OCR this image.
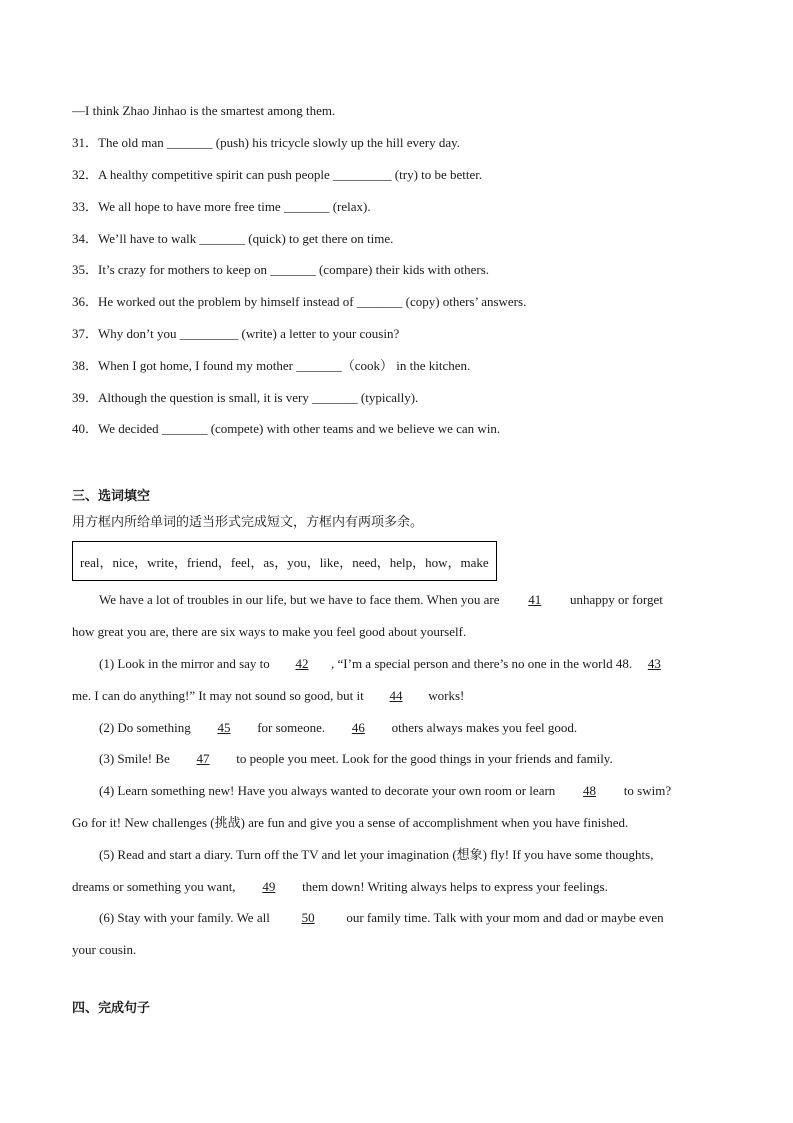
—I think Zhao Jinhao is the smartest among them.
31．The old man _______ (push) his tricycle slowly up the hill every day.
32．A healthy competitive spirit can push people _________ (try) to be better.
33．We all hope to have more free time _______ (relax).
34．We’ll have to walk _______ (quick) to get there on time.
35．It’s crazy for mothers to keep on _______ (compare) their kids with others.
36．He worked out the problem by himself instead of _______ (copy) others’ answers.
37．Why don’t you _________ (write) a letter to your cousin?
38．When I got home, I found my mother _______（cook） in the kitchen.
39．Although the question is small, it is very _______ (typically).
40．We decided _______ (compete) with other teams and we believe we can win.
三、选词填空
用方框内所给单词的适当形式完成短文，方框内有两项多余。
real，nice，write，friend，feel，as，you，like，need，help，how，make
We have a lot of troubles in our life, but we have to face them. When you are 41 unhappy or forget
how great you are, there are six ways to make you feel good about yourself.
(1) Look in the mirror and say to 42 , “I’m a special person and there’s no one in the world 48. 43
me. I can do anything!” It may not sound so good, but it 44 works!
(2) Do something 45 for someone. 46 others always makes you feel good.
(3) Smile! Be 47 to people you meet. Look for the good things in your friends and family.
(4) Learn something new! Have you always wanted to decorate your own room or learn 48 to swim?
Go for it! New challenges (挑战) are fun and give you a sense of accomplishment when you have finished.
(5) Read and start a diary. Turn off the TV and let your imagination (想象) fly! If you have some thoughts,
dreams or something you want, 49 them down! Writing always helps to express your feelings.
(6) Stay with your family. We all 50 our family time. Talk with your mom and dad or maybe even
your cousin.
四、完成句子
